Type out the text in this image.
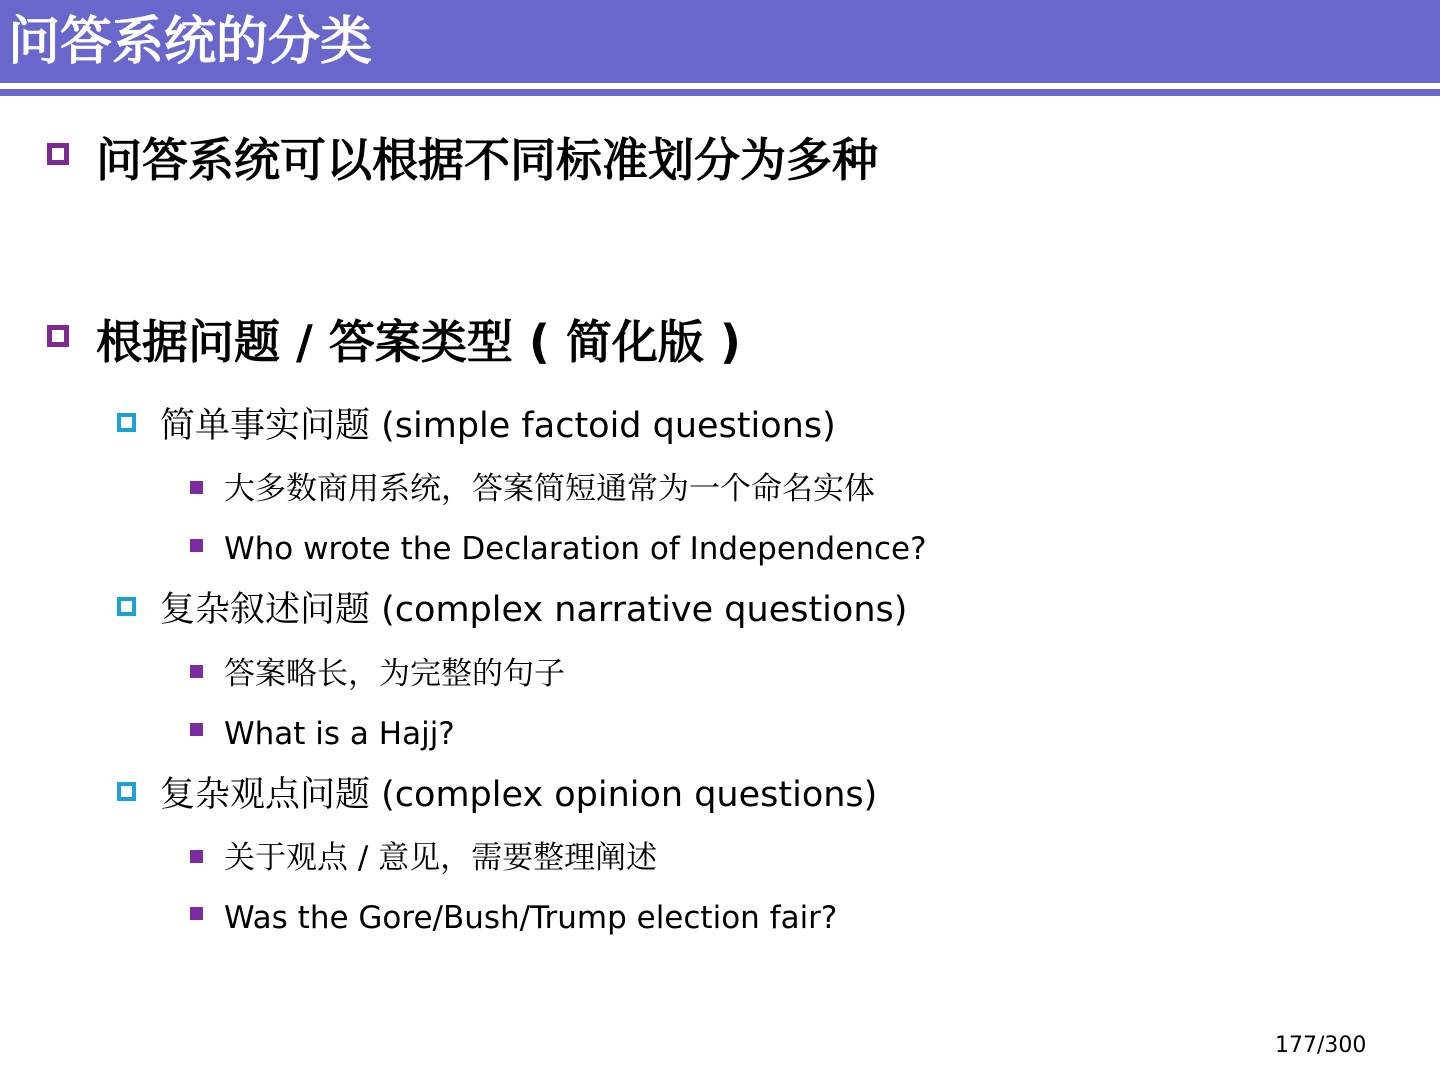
问答系统的分类
问答系统可以根据不同标准划分为多种
根据问题 / 答案类型 ( 简化版 )
简单事实问题 (simple factoid questions)
大多数商用系统，答案简短通常为一个命名实体
Who wrote the Declaration of Independence?
复杂叙述问题 (complex narrative questions)
答案略长，为完整的句子
What is a Hajj?
复杂观点问题 (complex opinion questions)
关于观点 / 意见，需要整理阐述
Was the Gore/Bush/Trump election fair?
177/300
